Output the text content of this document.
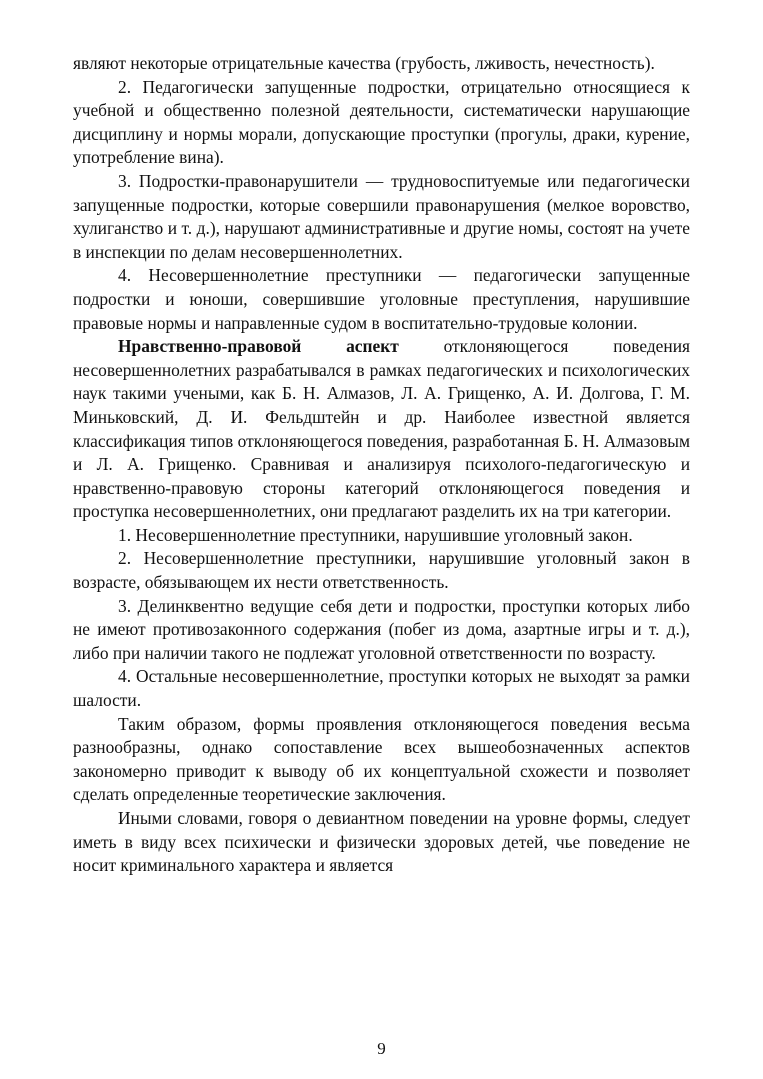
являют некоторые отрицательные качества (грубость, лживость, нечестность).

2. Педагогически запущенные подростки, отрицательно относящиеся к учебной и общественно полезной деятельности, систематически нарушающие дисциплину и нормы морали, допускающие проступки (прогулы, драки, курение, употребление вина).

3. Подростки-правонарушители — трудновоспитуемые или педагогически запущенные подростки, которые совершили правонарушения (мелкое воровство, хулиганство и т. д.), нарушают административные и другие номы, состоят на учете в инспекции по делам несовершеннолетних.

4. Несовершеннолетние преступники — педагогически запущенные подростки и юноши, совершившие уголовные преступления, нарушившие правовые нормы и направленные судом в воспитательно-трудовые колонии.

Нравственно-правовой аспект отклоняющегося поведения несовершеннолетних разрабатывался в рамках педагогических и психологических наук такими учеными, как Б. Н. Алмазов, Л. А. Грищенко, А. И. Долгова, Г. М. Миньковский, Д. И. Фельдштейн и др. Наиболее известной является классификация типов отклоняющегося поведения, разработанная Б. Н. Алмазовым и Л. А. Грищенко. Сравнивая и анализируя психолого-педагогическую и нравственно-правовую стороны категорий отклоняющегося поведения и проступка несовершеннолетних, они предлагают разделить их на три категории.

1. Несовершеннолетние преступники, нарушившие уголовный закон.

2. Несовершеннолетние преступники, нарушившие уголовный закон в возрасте, обязывающем их нести ответственность.

3. Делинквентно ведущие себя дети и подростки, проступки которых либо не имеют противозаконного содержания (побег из дома, азартные игры и т. д.), либо при наличии такого не подлежат уголовной ответственности по возрасту.

4. Остальные несовершеннолетние, проступки которых не выходят за рамки шалости.

Таким образом, формы проявления отклоняющегося поведения весьма разнообразны, однако сопоставление всех вышеобозначенных аспектов закономерно приводит к выводу об их концептуальной схожести и позволяет сделать определенные теоретические заключения.

Иными словами, говоря о девиантном поведении на уровне формы, следует иметь в виду всех психически и физически здоровых детей, чье поведение не носит криминального характера и является

9
